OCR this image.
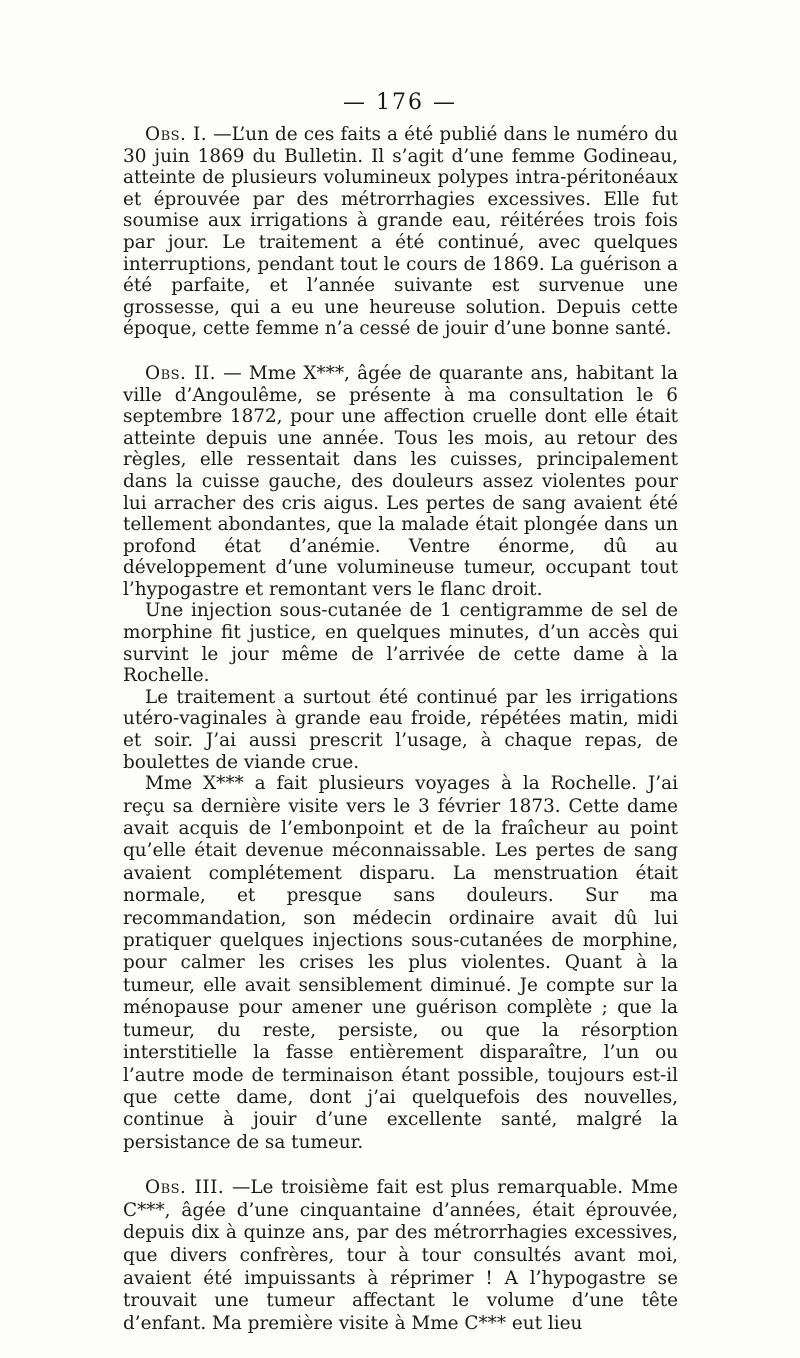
— 176 —

Obs. I. —L’un de ces faits a été publié dans le numéro du 30 juin 1869 du Bulletin. Il s’agit d’une femme Godineau, atteinte de plusieurs volumineux polypes intra-péritonéaux et éprouvée par des métrorrhagies excessives. Elle fut soumise aux irrigations à grande eau, réitérées trois fois par jour. Le traitement a été continué, avec quelques interruptions, pendant tout le cours de 1869. La guérison a été parfaite, et l’année suivante est survenue une grossesse, qui a eu une heureuse solution. Depuis cette époque, cette femme n’a cessé de jouir d’une bonne santé.

Obs. II. — Mme X***, âgée de quarante ans, habitant la ville d’Angoulême, se présente à ma consultation le 6 septembre 1872, pour une affection cruelle dont elle était atteinte depuis une année. Tous les mois, au retour des règles, elle ressentait dans les cuisses, principalement dans la cuisse gauche, des douleurs assez violentes pour lui arracher des cris aigus. Les pertes de sang avaient été tellement abondantes, que la malade était plongée dans un profond état d’anémie. Ventre énorme, dû au développement d’une volumineuse tumeur, occupant tout l’hypogastre et remontant vers le flanc droit.

Une injection sous-cutanée de 1 centigramme de sel de morphine fit justice, en quelques minutes, d’un accès qui survint le jour même de l’arrivée de cette dame à la Rochelle.

Le traitement a surtout été continué par les irrigations utéro-vaginales à grande eau froide, répétées matin, midi et soir. J’ai aussi prescrit l’usage, à chaque repas, de boulettes de viande crue.

Mme X*** a fait plusieurs voyages à la Rochelle. J’ai reçu sa dernière visite vers le 3 février 1873. Cette dame avait acquis de l’embonpoint et de la fraîcheur au point qu’elle était devenue méconnaissable. Les pertes de sang avaient complétement disparu. La menstruation était normale, et presque sans douleurs. Sur ma recommandation, son médecin ordinaire avait dû lui pratiquer quelques injections sous-cutanées de morphine, pour calmer les crises les plus violentes. Quant à la tumeur, elle avait sensiblement diminué. Je compte sur la ménopause pour amener une guérison complète ; que la tumeur, du reste, persiste, ou que la résorption interstitielle la fasse entièrement disparaître, l’un ou l’autre mode de terminaison étant possible, toujours est-il que cette dame, dont j’ai quelquefois des nouvelles, continue à jouir d’une excellente santé, malgré la persistance de sa tumeur.

Obs. III. —Le troisième fait est plus remarquable. Mme C***, âgée d’une cinquantaine d’années, était éprouvée, depuis dix à quinze ans, par des métrorrhagies excessives, que divers confrères, tour à tour consultés avant moi, avaient été impuissants à réprimer ! A l’hypogastre se trouvait une tumeur affectant le volume d’une tête d’enfant. Ma première visite à Mme C*** eut lieu
